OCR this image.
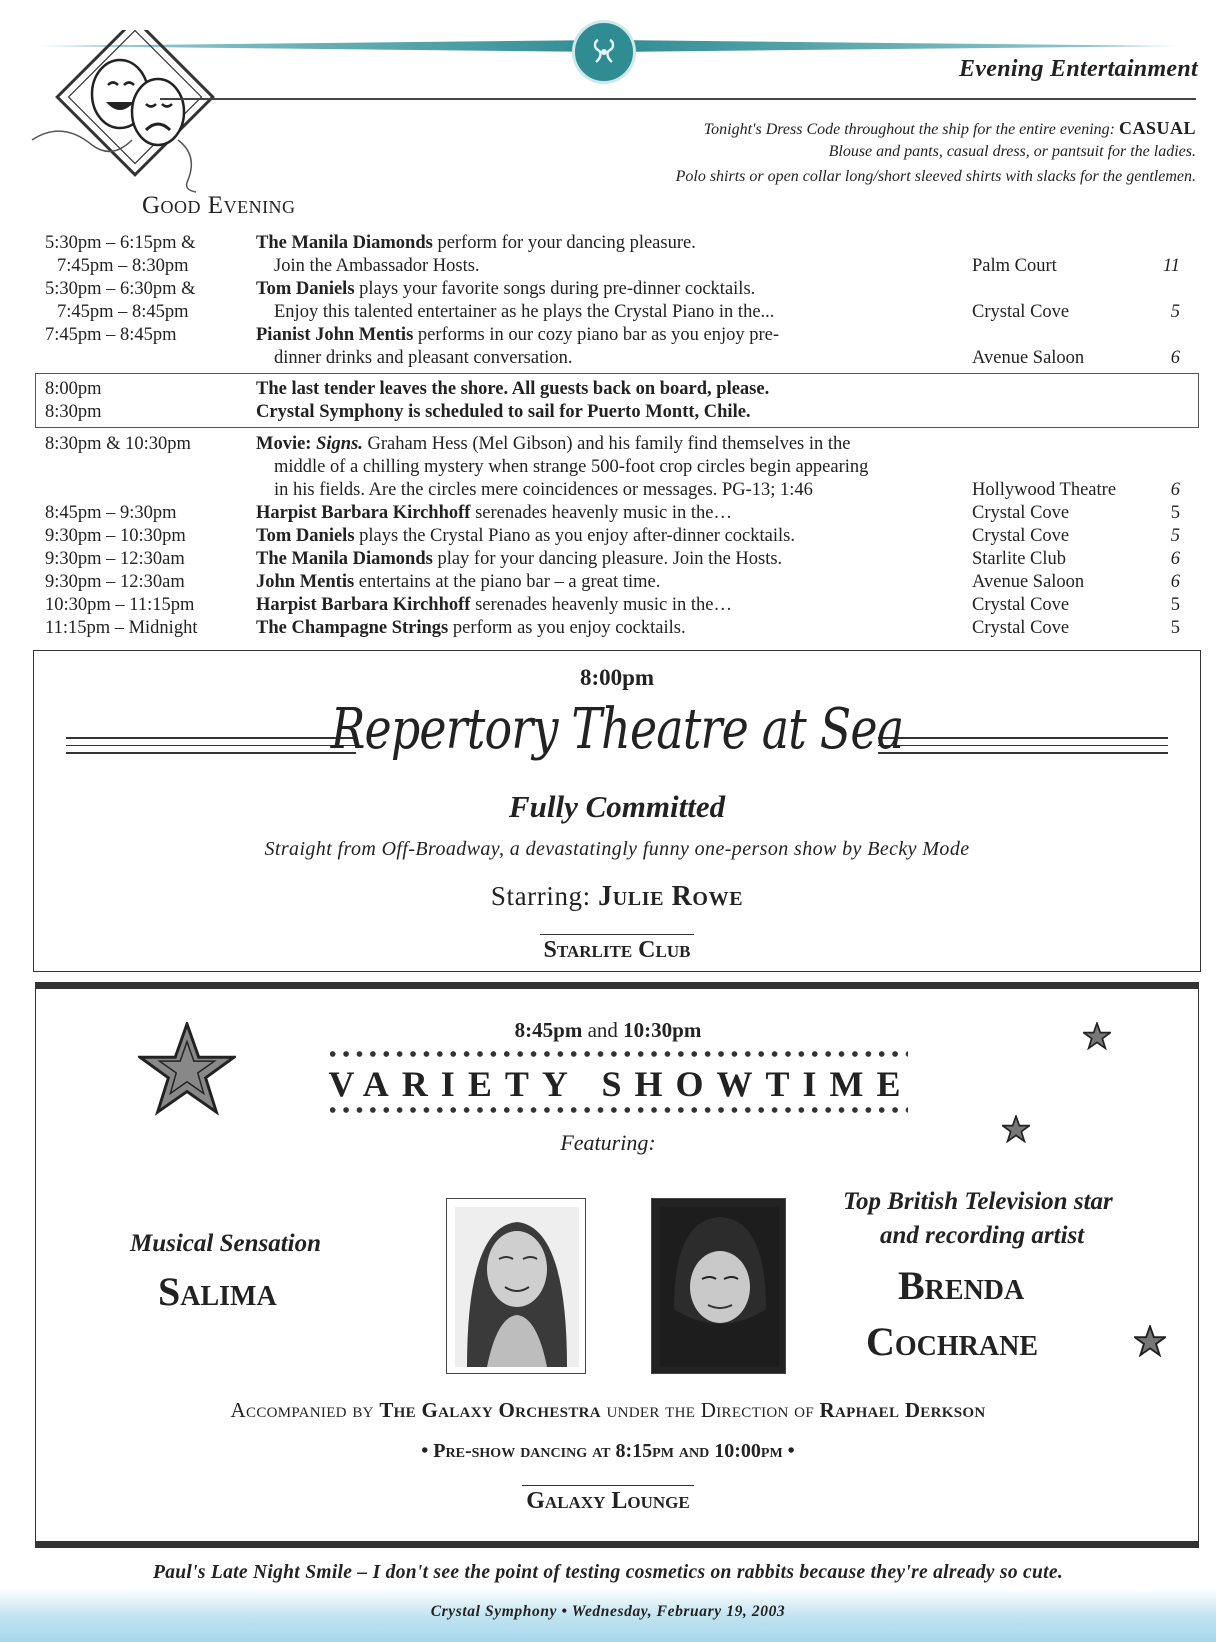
Evening Entertainment
Tonight's Dress Code throughout the ship for the entire evening: CASUAL
Blouse and pants, casual dress, or pantsuit for the ladies.
Polo shirts or open collar long/short sleeved shirts with slacks for the gentlemen.
Good Evening
5:30pm – 6:15pm &	The Manila Diamonds perform for your dancing pleasure.
7:45pm – 8:30pm	Join the Ambassador Hosts.	Palm Court	11
5:30pm – 6:30pm &	Tom Daniels plays your favorite songs during pre-dinner cocktails.
7:45pm – 8:45pm	Enjoy this talented entertainer as he plays the Crystal Piano in the...	Crystal Cove	5
7:45pm – 8:45pm	Pianist John Mentis performs in our cozy piano bar as you enjoy pre-
dinner drinks and pleasant conversation.	Avenue Saloon	6
8:00pm	The last tender leaves the shore. All guests back on board, please.
8:30pm	Crystal Symphony is scheduled to sail for Puerto Montt, Chile.
8:30pm & 10:30pm	Movie: Signs. Graham Hess (Mel Gibson) and his family find themselves in the
middle of a chilling mystery when strange 500-foot crop circles begin appearing
in his fields. Are the circles mere coincidences or messages. PG-13; 1:46	Hollywood Theatre	6
8:45pm – 9:30pm	Harpist Barbara Kirchhoff serenades heavenly music in the…	Crystal Cove	5
9:30pm – 10:30pm	Tom Daniels plays the Crystal Piano as you enjoy after-dinner cocktails.	Crystal Cove	5
9:30pm – 12:30am	The Manila Diamonds play for your dancing pleasure. Join the Hosts.	Starlite Club	6
9:30pm – 12:30am	John Mentis entertains at the piano bar – a great time.	Avenue Saloon	6
10:30pm – 11:15pm	Harpist Barbara Kirchhoff serenades heavenly music in the…	Crystal Cove	5
11:15pm – Midnight	The Champagne Strings perform as you enjoy cocktails.	Crystal Cove	5
8:00pm
Repertory Theatre at Sea
Fully Committed
Straight from Off-Broadway, a devastatingly funny one-person show by Becky Mode
Starring: Julie Rowe
Starlite Club
8:45pm and 10:30pm
VARIETY SHOWTIME
Featuring:
Musical Sensation
Salima
Top British Television star
and recording artist
Brenda
Cochrane
Accompanied by The Galaxy Orchestra under the Direction of Raphael Derkson
• Pre-show dancing at 8:15pm and 10:00pm •
Galaxy Lounge
Paul's Late Night Smile – I don't see the point of testing cosmetics on rabbits because they're already so cute.
Crystal Symphony • Wednesday, February 19, 2003
